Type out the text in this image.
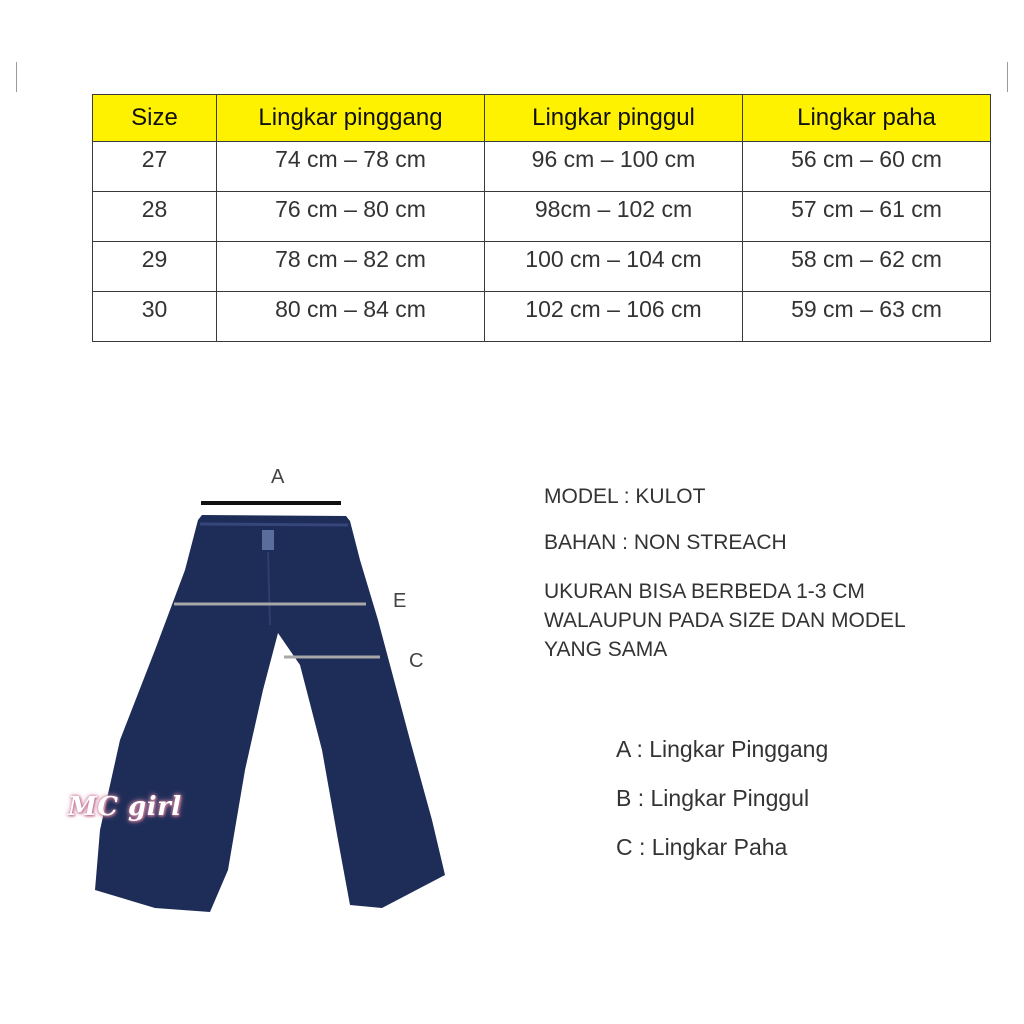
Size	Lingkar pinggang	Lingkar pinggul	Lingkar paha
27	74 cm – 78 cm	96 cm – 100 cm	56 cm – 60 cm
28	76 cm – 80 cm	98cm – 102 cm	57 cm – 61 cm
29	78 cm – 82 cm	100 cm – 104 cm	58 cm – 62 cm
30	80 cm – 84 cm	102 cm – 106 cm	59 cm – 63 cm
A
E
C
MC girl

MODEL : KULOT

BAHAN : NON STREACH

UKURAN BISA BERBEDA 1-3 CM
WALAUPUN PADA SIZE DAN MODEL
YANG SAMA

A : Lingkar Pinggang
B : Lingkar Pinggul
C : Lingkar Paha
